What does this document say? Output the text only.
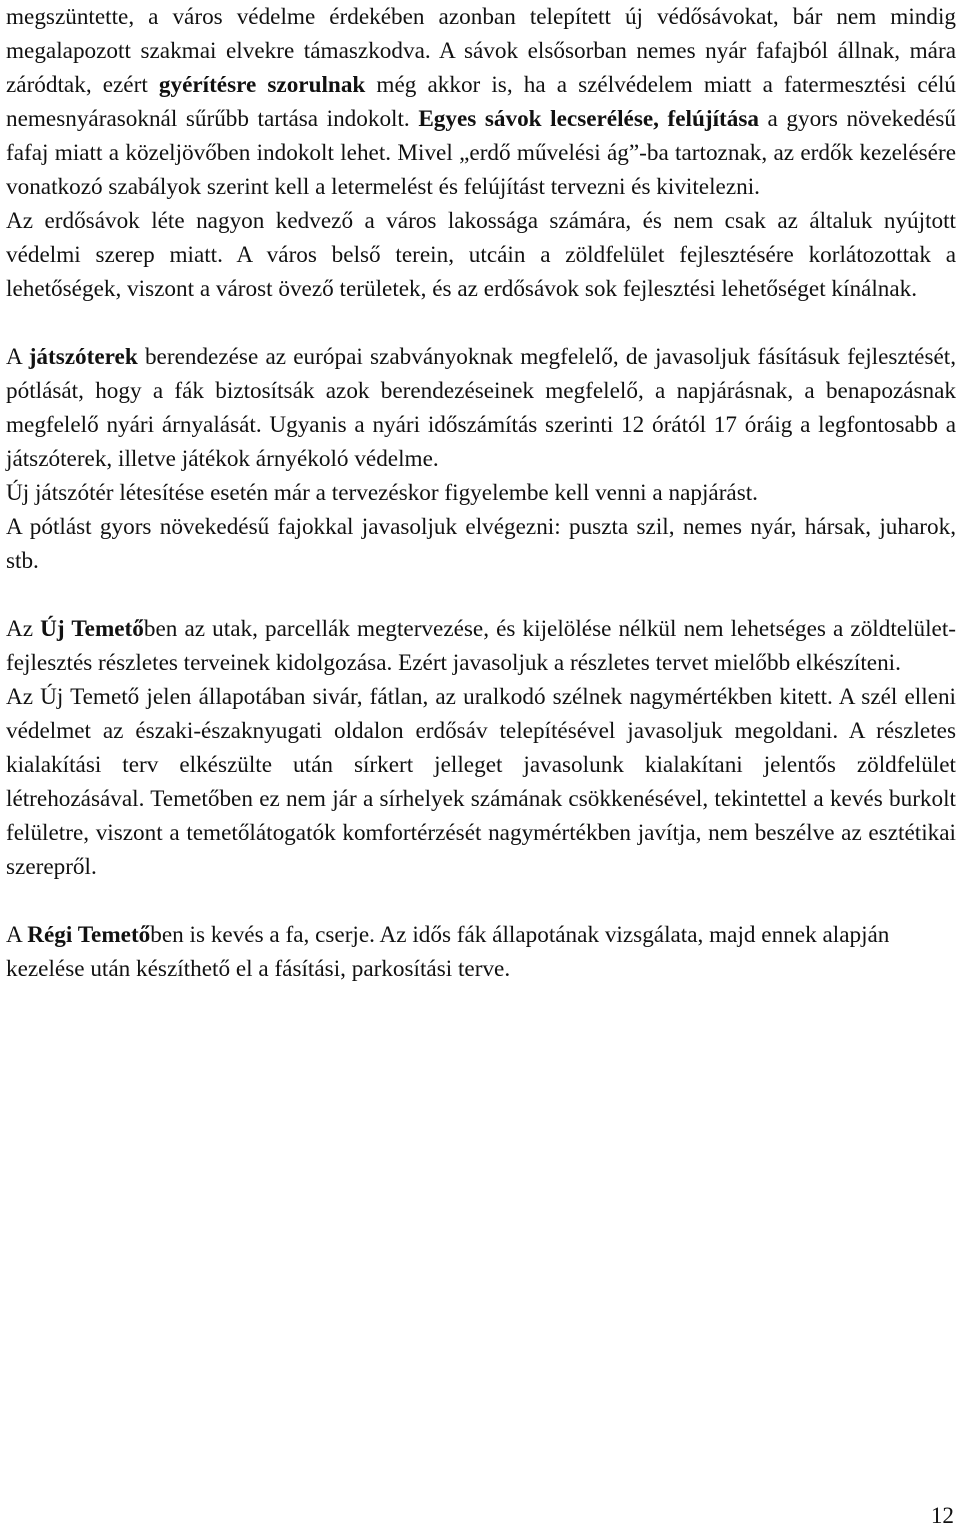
megszüntette, a város védelme érdekében azonban telepített új védősávokat, bár nem mindig megalapozott szakmai elvekre támaszkodva. A sávok elsősorban nemes nyár fafajból állnak, mára záródtak, ezért gyérítésre szorulnak még akkor is, ha a szélvédelem miatt a fatermesztési célú nemesnyárasoknál sűrűbb tartása indokolt. Egyes sávok lecserélése, felújítása a gyors növekedésű fafaj miatt a közeljövőben indokolt lehet. Mivel „erdő művelési ág”-ba tartoznak, az erdők kezelésére vonatkozó szabályok szerint kell a letermelést és felújítást tervezni és kivitelezni.

Az erdősávok léte nagyon kedvező a város lakossága számára, és nem csak az általuk nyújtott védelmi szerep miatt. A város belső terein, utcáin a zöldfelület fejlesztésére korlátozottak a lehetőségek, viszont a várost övező területek, és az erdősávok sok fejlesztési lehetőséget kínálnak.

A játszóterek berendezése az európai szabványoknak megfelelő, de javasoljuk fásításuk fejlesztését, pótlását, hogy a fák biztosítsák azok berendezéseinek megfelelő, a napjárásnak, a benapozásnak megfelelő nyári árnyalását. Ugyanis a nyári időszámítás szerinti 12 órától 17 óráig a legfontosabb a játszóterek, illetve játékok árnyékoló védelme.

Új játszótér létesítése esetén már a tervezéskor figyelembe kell venni a napjárást.

A pótlást gyors növekedésű fajokkal javasoljuk elvégezni: puszta szil, nemes nyár, hársak, juharok, stb.

Az Új Temetőben az utak, parcellák megtervezése, és kijelölése nélkül nem lehetséges a zöldtelület-fejlesztés részletes terveinek kidolgozása. Ezért javasoljuk a részletes tervet mielőbb elkészíteni.

Az Új Temető jelen állapotában sivár, fátlan, az uralkodó szélnek nagymértékben kitett. A szél elleni védelmet az északi-északnyugati oldalon erdősáv telepítésével javasoljuk megoldani. A részletes kialakítási terv elkészülte után sírkert jelleget javasolunk kialakítani jelentős zöldfelület létrehozásával. Temetőben ez nem jár a sírhelyek számának csökkenésével, tekintettel a kevés burkolt felületre, viszont a temetőlátogatók komfortérzését nagymértékben javítja, nem beszélve az esztétikai szerepről.

A Régi Temetőben is kevés a fa, cserje. Az idős fák állapotának vizsgálata, majd ennek alapján kezelése után készíthető el a fásítási, parkosítási terve.

12
